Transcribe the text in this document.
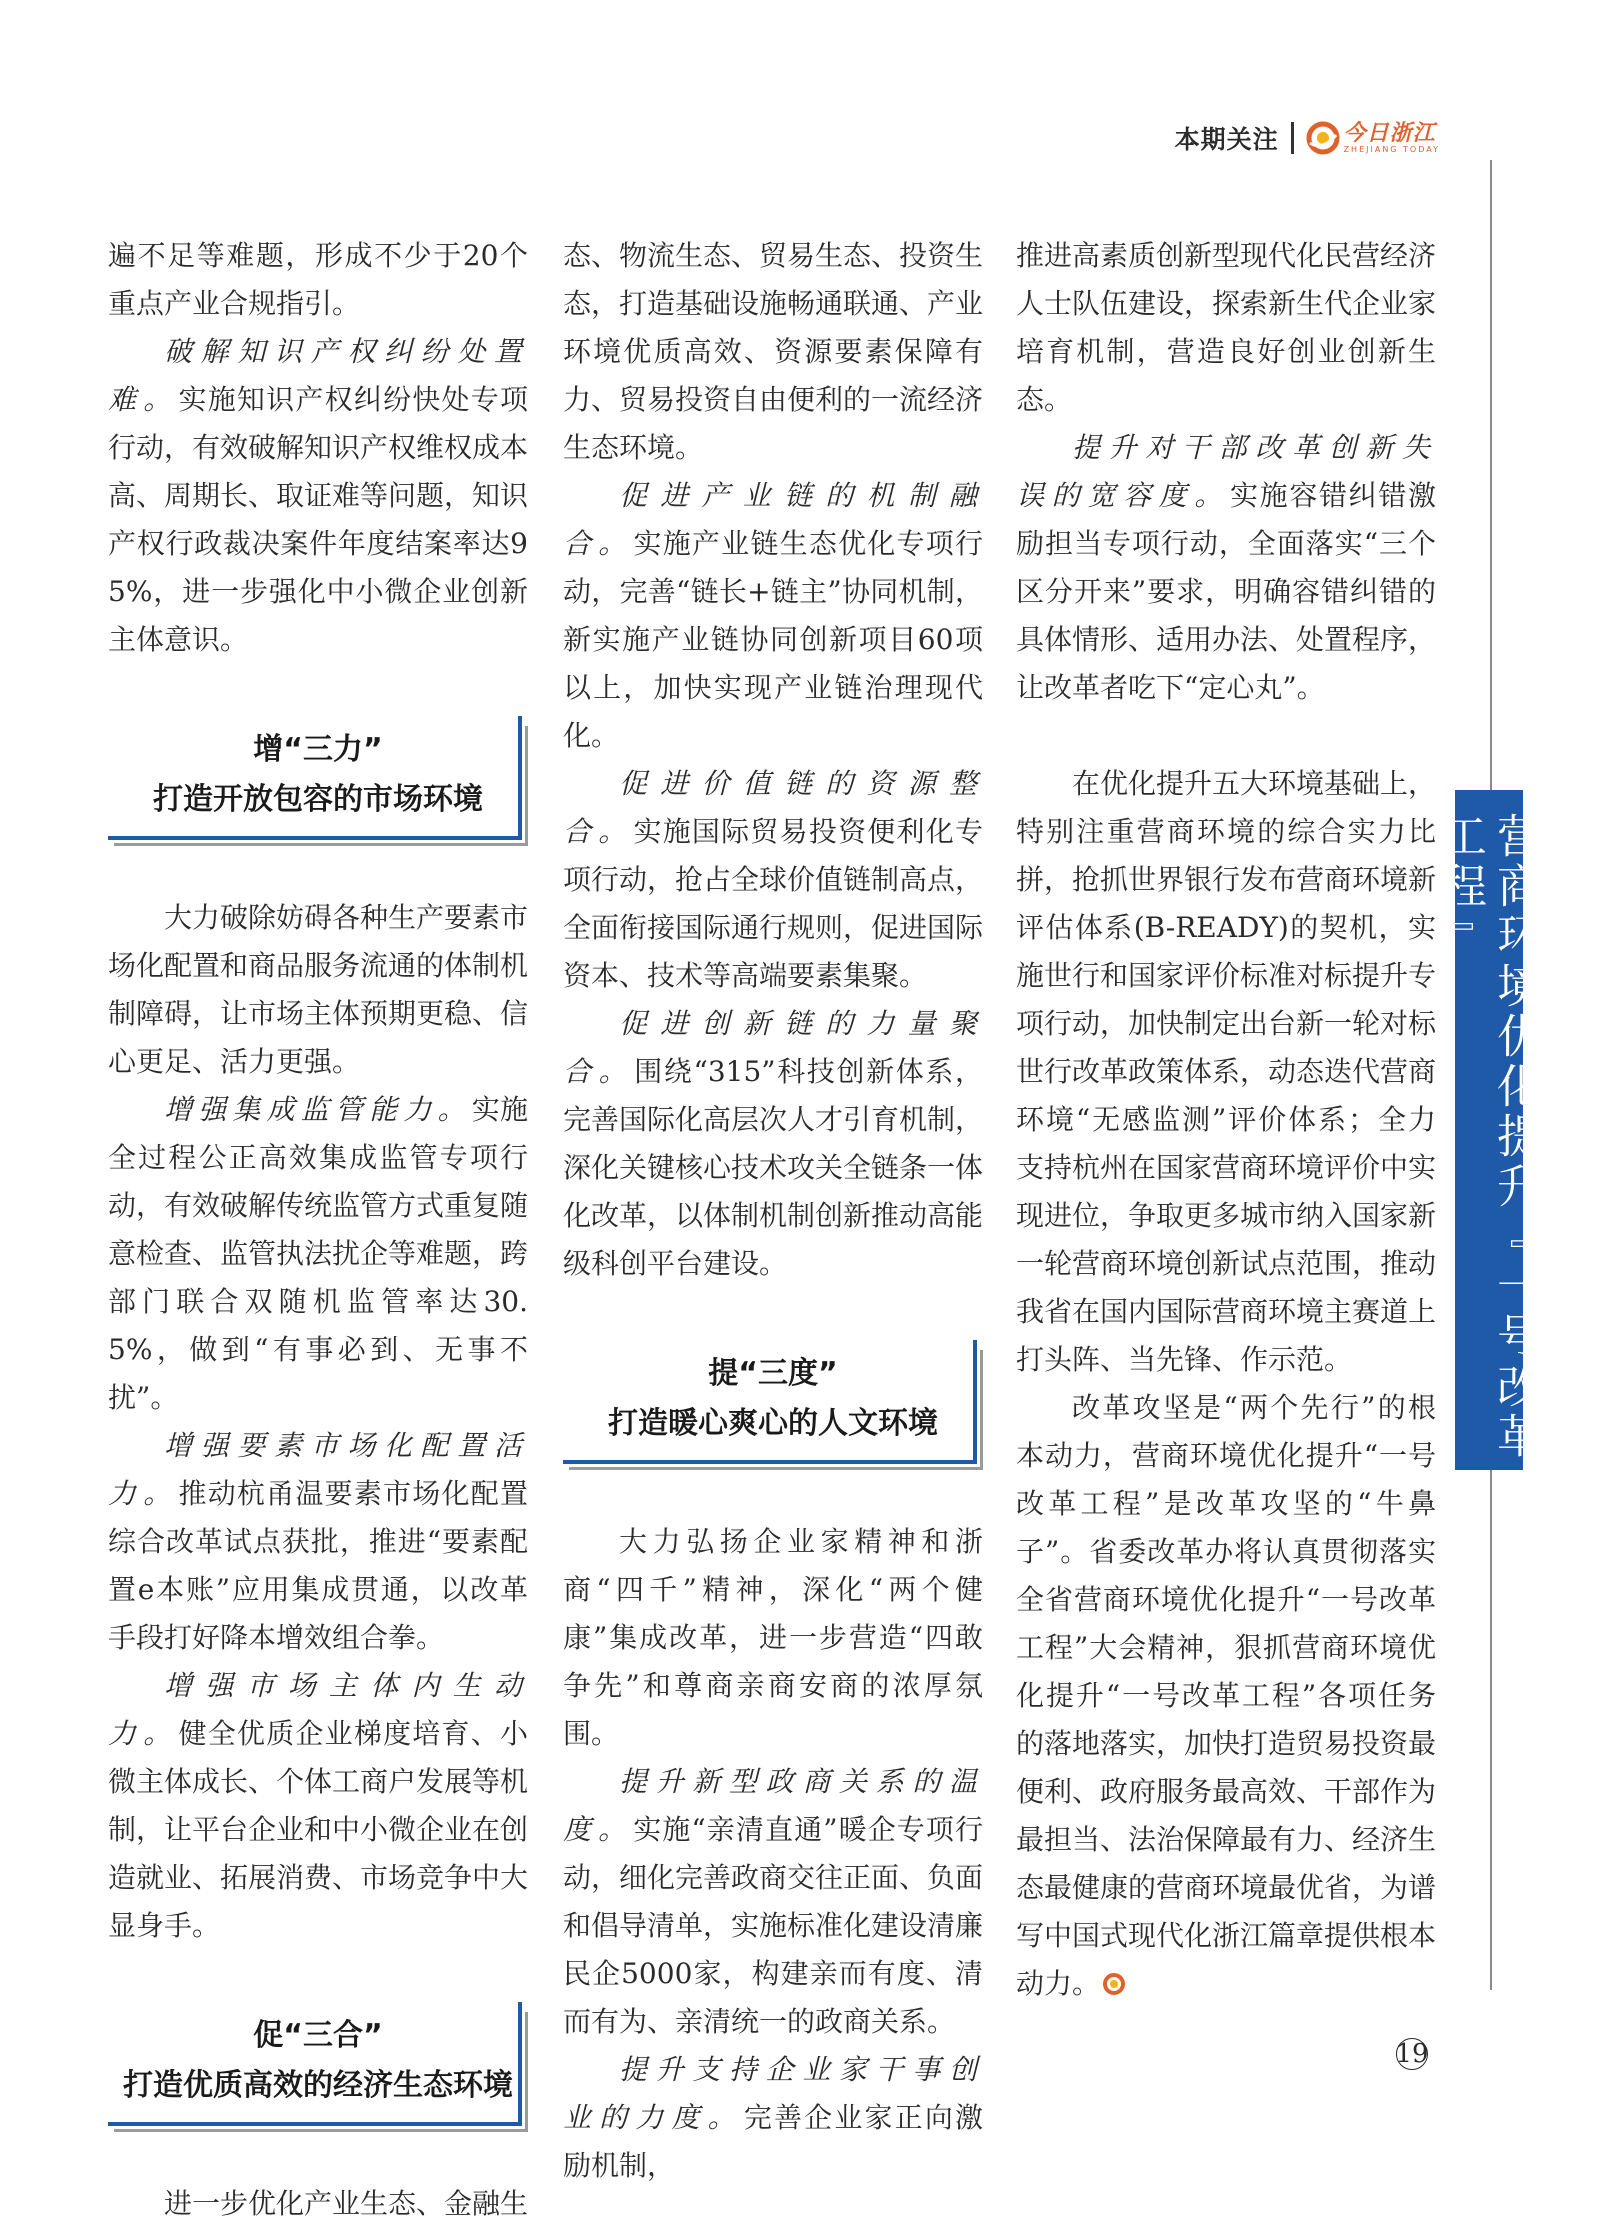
本期关注	今日浙江
ZHEJIANG TODAY

遍不足等难题，形成不少于20个重点产业合规指引。

破解知识产权纠纷处置难。实施知识产权纠纷快处专项行动，有效破解知识产权维权成本高、周期长、取证难等问题，知识产权行政裁决案件年度结案率达95%，进一步强化中小微企业创新主体意识。

增“三力”
打造开放包容的市场环境

大力破除妨碍各种生产要素市场化配置和商品服务流通的体制机制障碍，让市场主体预期更稳、信心更足、活力更强。

增强集成监管能力。实施全过程公正高效集成监管专项行动，有效破解传统监管方式重复随意检查、监管执法扰企等难题，跨部门联合双随机监管率达30.5%，做到“有事必到、无事不扰”。

增强要素市场化配置活力。推动杭甬温要素市场化配置综合改革试点获批，推进“要素配置e本账”应用集成贯通，以改革手段打好降本增效组合拳。

增强市场主体内生动力。健全优质企业梯度培育、小微主体成长、个体工商户发展等机制，让平台企业和中小微企业在创造就业、拓展消费、市场竞争中大显身手。

促“三合”
打造优质高效的经济生态环境

进一步优化产业生态、金融生

态、物流生态、贸易生态、投资生态，打造基础设施畅通联通、产业环境优质高效、资源要素保障有力、贸易投资自由便利的一流经济生态环境。

促进产业链的机制融合。实施产业链生态优化专项行动，完善“链长+链主”协同机制，新实施产业链协同创新项目60项以上，加快实现产业链治理现代化。

促进价值链的资源整合。实施国际贸易投资便利化专项行动，抢占全球价值链制高点，全面衔接国际通行规则，促进国际资本、技术等高端要素集聚。

促进创新链的力量聚合。围绕“315”科技创新体系，完善国际化高层次人才引育机制，深化关键核心技术攻关全链条一体化改革，以体制机制创新推动高能级科创平台建设。

提“三度”
打造暖心爽心的人文环境

大力弘扬企业家精神和浙商“四千”精神，深化“两个健康”集成改革，进一步营造“四敢争先”和尊商亲商安商的浓厚氛围。

提升新型政商关系的温度。实施“亲清直通”暖企专项行动，细化完善政商交往正面、负面和倡导清单，实施标准化建设清廉民企5000家，构建亲而有度、清而有为、亲清统一的政商关系。

提升支持企业家干事创业的力度。完善企业家正向激励机制，

推进高素质创新型现代化民营经济人士队伍建设，探索新生代企业家培育机制，营造良好创业创新生态。

提升对干部改革创新失误的宽容度。实施容错纠错激励担当专项行动，全面落实“三个区分开来”要求，明确容错纠错的具体情形、适用办法、处置程序，让改革者吃下“定心丸”。

在优化提升五大环境基础上，特别注重营商环境的综合实力比拼，抢抓世界银行发布营商环境新评估体系(B-READY)的契机，实施世行和国家评价标准对标提升专项行动，加快制定出台新一轮对标世行改革政策体系，动态迭代营商环境“无感监测”评价体系；全力支持杭州在国家营商环境评价中实现进位，争取更多城市纳入国家新一轮营商环境创新试点范围，推动我省在国内国际营商环境主赛道上打头阵、当先锋、作示范。

改革攻坚是“两个先行”的根本动力，营商环境优化提升“一号改革工程”是改革攻坚的“牛鼻子”。省委改革办将认真贯彻落实全省营商环境优化提升“一号改革工程”大会精神，狠抓营商环境优化提升“一号改革工程”各项任务的落地落实，加快打造贸易投资最便利、政府服务最高效、干部作为最担当、法治保障最有力、经济生态最健康的营商环境最优省，为谱写中国式现代化浙江篇章提供根本动力。

营商环境优化提升『一号改革工程』
19
